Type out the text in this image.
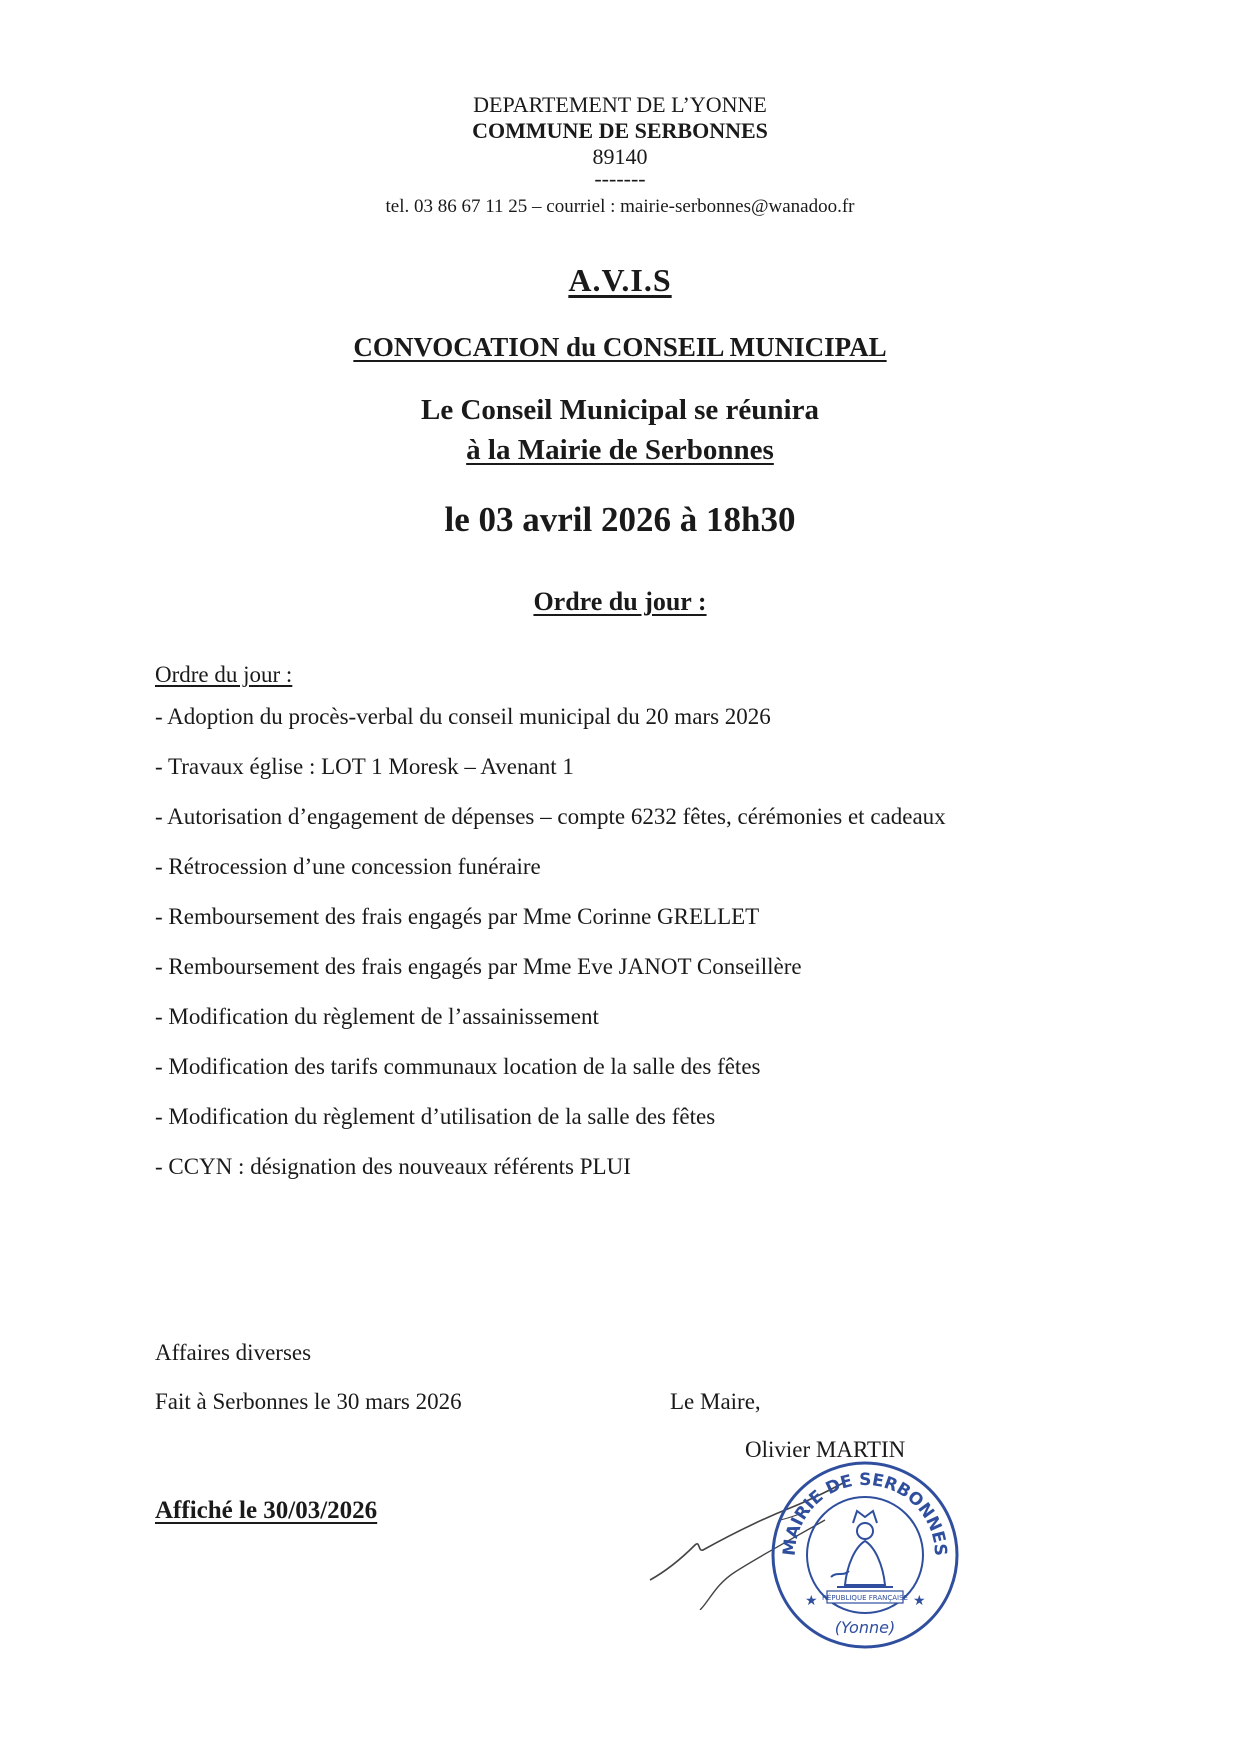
DEPARTEMENT DE L’YONNE
COMMUNE DE SERBONNES
89140
-------
tel. 03 86 67 11 25 – courriel : mairie-serbonnes@wanadoo.fr
A.V.I.S
CONVOCATION du CONSEIL MUNICIPAL
Le Conseil Municipal se réunira
à la Mairie de Serbonnes
le 03 avril 2026 à 18h30
Ordre du jour :
Ordre du jour :
- Adoption du procès-verbal du conseil municipal du 20 mars 2026
- Travaux église : LOT 1 Moresk – Avenant 1
- Autorisation d’engagement de dépenses – compte 6232 fêtes, cérémonies et cadeaux
- Rétrocession d’une concession funéraire
- Remboursement des frais engagés par Mme Corinne GRELLET
- Remboursement des frais engagés par Mme Eve JANOT Conseillère
- Modification du règlement de l’assainissement
- Modification des tarifs communaux location de la salle des fêtes
- Modification du règlement d’utilisation de la salle des fêtes
- CCYN : désignation des nouveaux référents PLUI
Affaires diverses
Fait à Serbonnes le 30 mars 2026	Le Maire,
Olivier MARTIN
Affiché le 30/03/2026
MAIRIE DE SERBONNES
RÉPUBLIQUE FRANÇAISE
(Yonne)
★	★
